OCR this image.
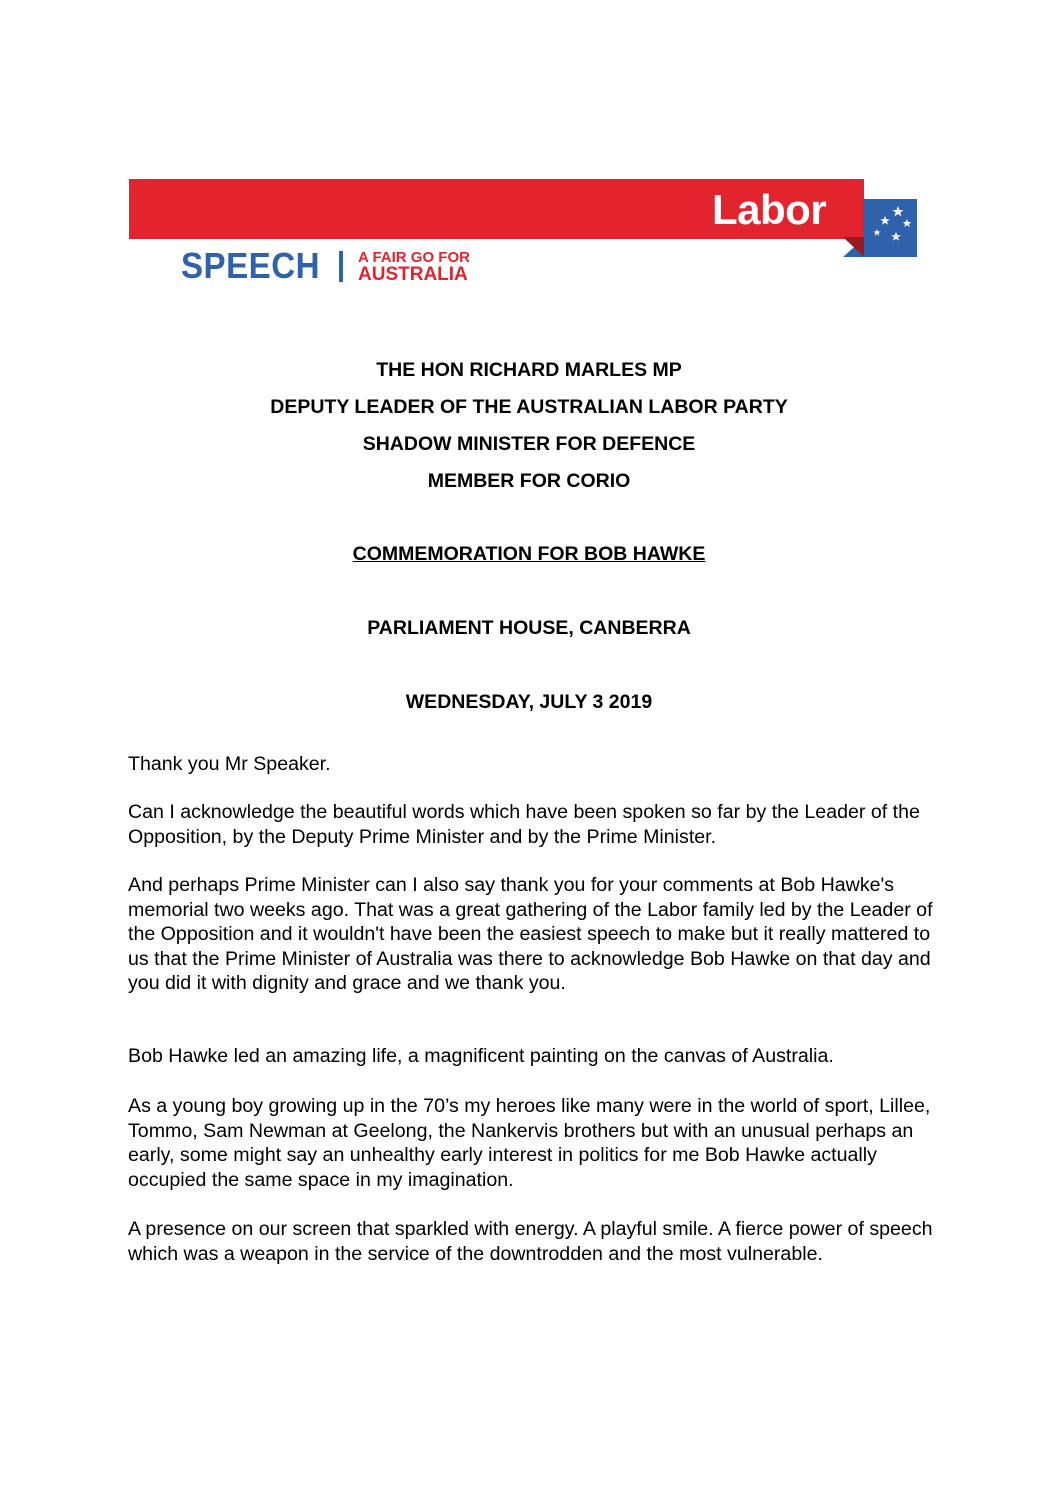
Labor
SPEECH	A FAIR GO FOR
AUSTRALIA
THE HON RICHARD MARLES MP
DEPUTY LEADER OF THE AUSTRALIAN LABOR PARTY
SHADOW MINISTER FOR DEFENCE
MEMBER FOR CORIO
COMMEMORATION FOR BOB HAWKE
PARLIAMENT HOUSE, CANBERRA
WEDNESDAY, JULY 3 2019

Thank you Mr Speaker.

Can I acknowledge the beautiful words which have been spoken so far by the Leader of the Opposition, by the Deputy Prime Minister and by the Prime Minister.

And perhaps Prime Minister can I also say thank you for your comments at Bob Hawke's memorial two weeks ago. That was a great gathering of the Labor family led by the Leader of the Opposition and it wouldn't have been the easiest speech to make but it really mattered to us that the Prime Minister of Australia was there to acknowledge Bob Hawke on that day and you did it with dignity and grace and we thank you.

Bob Hawke led an amazing life, a magnificent painting on the canvas of Australia.

As a young boy growing up in the 70’s my heroes like many were in the world of sport, Lillee, Tommo, Sam Newman at Geelong, the Nankervis brothers but with an unusual perhaps an early, some might say an unhealthy early interest in politics for me Bob Hawke actually occupied the same space in my imagination.

A presence on our screen that sparkled with energy. A playful smile. A fierce power of speech which was a weapon in the service of the downtrodden and the most vulnerable.
